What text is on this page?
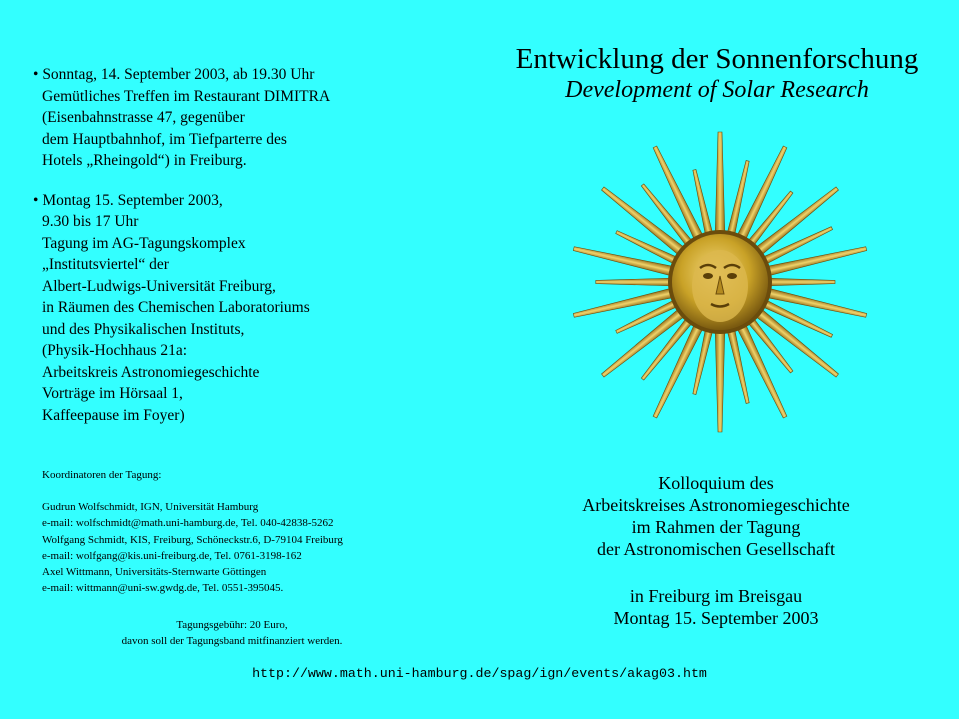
• Sonntag, 14. September 2003, ab 19.30 Uhr
Gemütliches Treffen im Restaurant DIMITRA
(Eisenbahnstrasse 47, gegenüber
dem Hauptbahnhof, im Tiefparterre des
Hotels „Rheingold“) in Freiburg.
• Montag 15. September 2003,
9.30 bis 17 Uhr
Tagung im AG-Tagungskomplex
„Institutsviertel“ der
Albert-Ludwigs-Universität Freiburg,
in Räumen des Chemischen Laboratoriums
und des Physikalischen Instituts,
(Physik-Hochhaus 21a:
Arbeitskreis Astronomiegeschichte
Vorträge im Hörsaal 1,
Kaffeepause im Foyer)
Koordinatoren der Tagung:
Gudrun Wolfschmidt, IGN, Universität Hamburg
e-mail: wolfschmidt@math.uni-hamburg.de, Tel. 040-42838-5262
Wolfgang Schmidt, KIS, Freiburg, Schöneckstr.6, D-79104 Freiburg
e-mail: wolfgang@kis.uni-freiburg.de, Tel. 0761-3198-162
Axel Wittmann, Universitäts-Sternwarte Göttingen
e-mail: wittmann@uni-sw.gwdg.de, Tel. 0551-395045.
Tagungsgebühr: 20 Euro,
davon soll der Tagungsband mitfinanziert werden.
Entwicklung der Sonnenforschung
Development of Solar Research
Kolloquium des
Arbeitskreises Astronomiegeschichte
im Rahmen der Tagung
der Astronomischen Gesellschaft
in Freiburg im Breisgau
Montag 15. September 2003
http://www.math.uni-hamburg.de/spag/ign/events/akag03.htm
